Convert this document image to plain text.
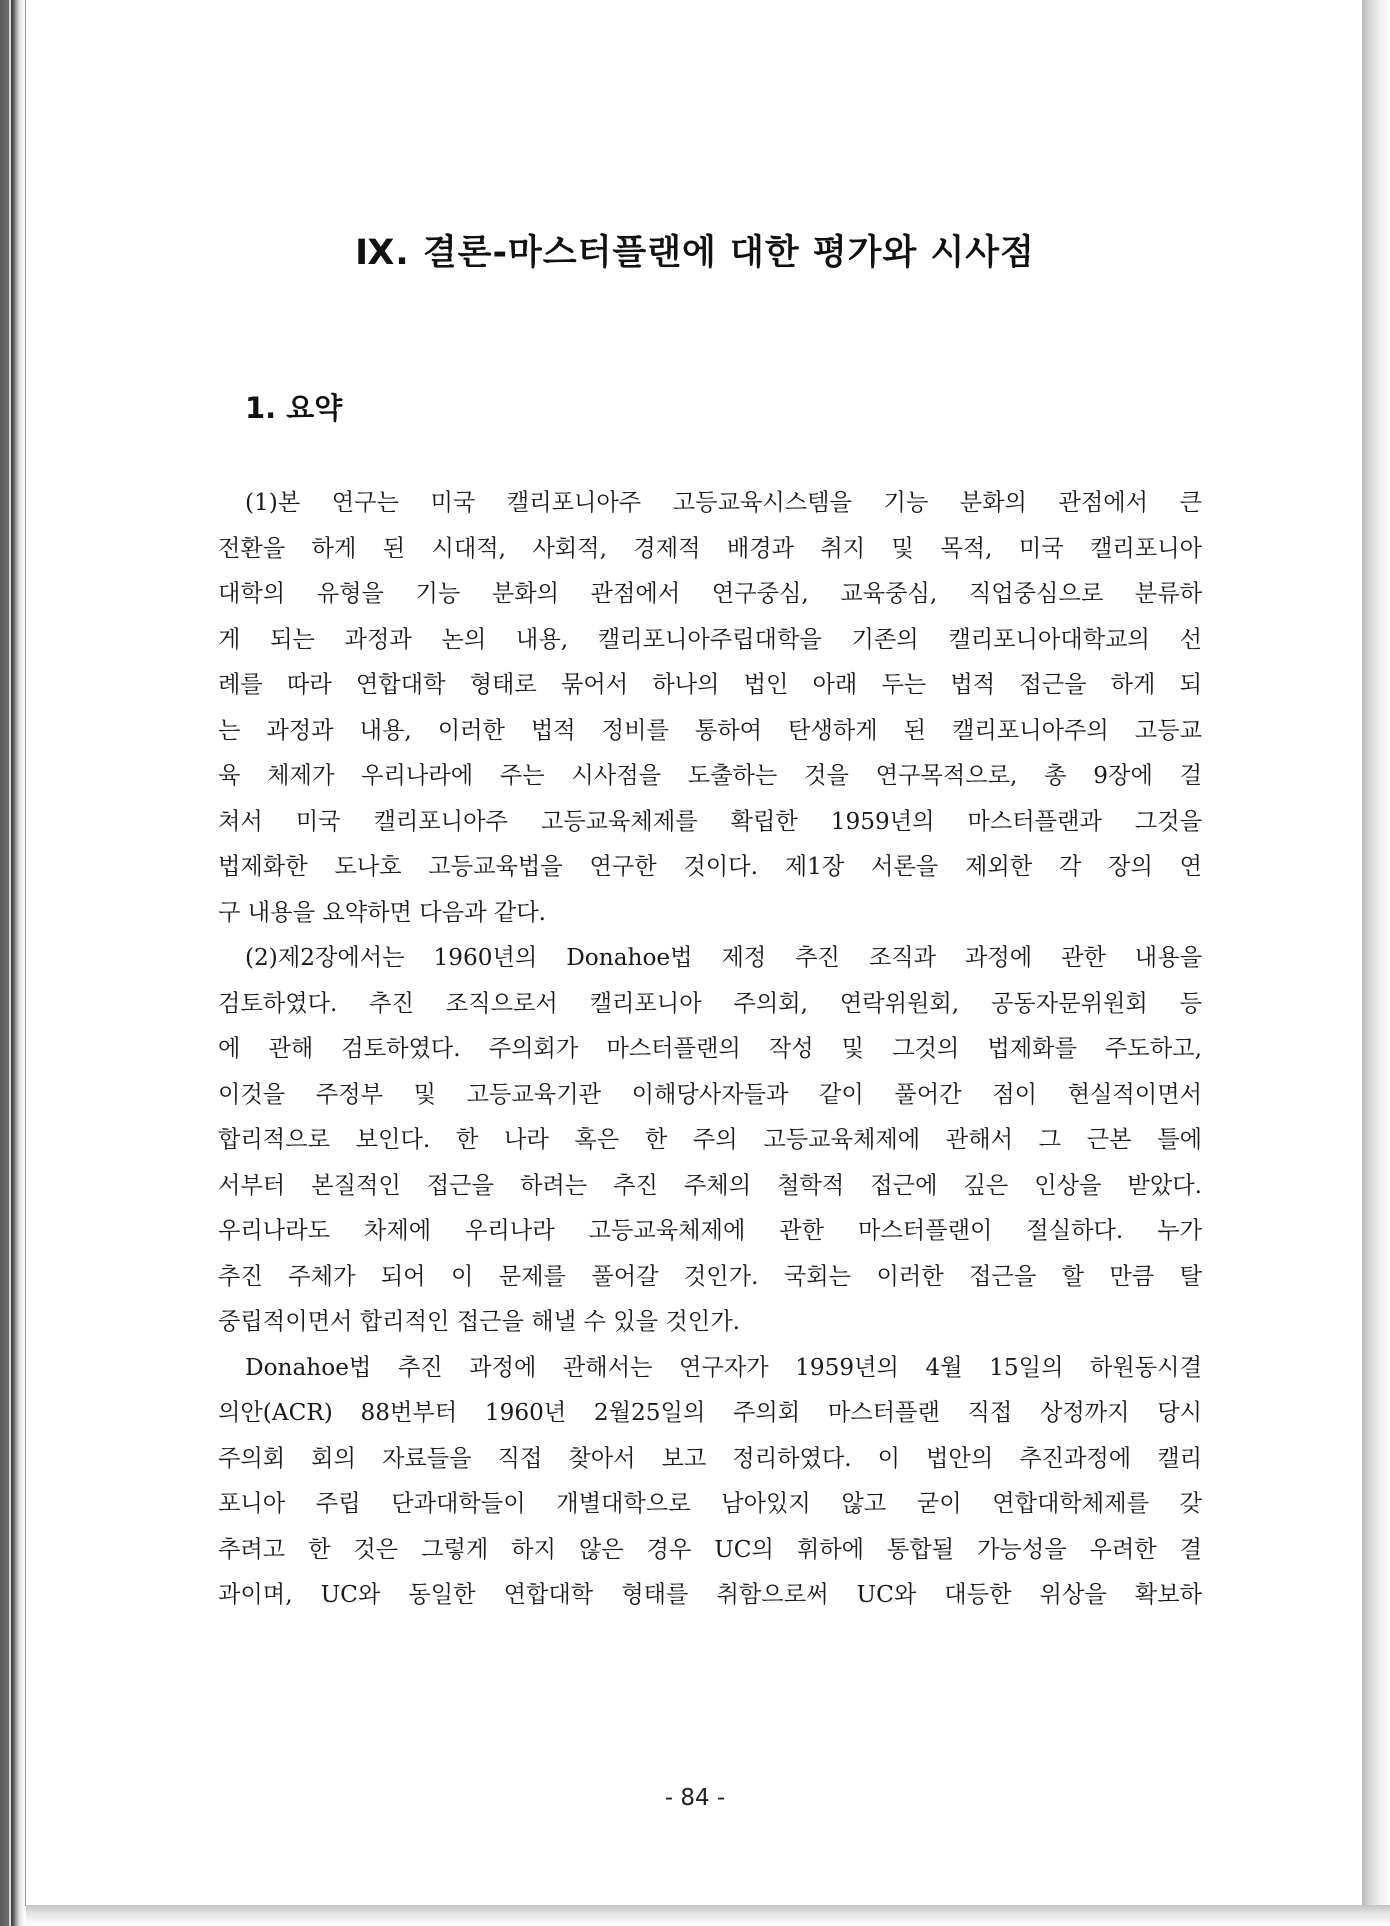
Ⅸ. 결론-마스터플랜에 대한 평가와 시사점
1. 요약
(1)본 연구는 미국 캘리포니아주 고등교육시스템을 기능 분화의 관점에서 큰
전환을 하게 된 시대적, 사회적, 경제적 배경과 취지 및 목적, 미국 캘리포니아
대학의 유형을 기능 분화의 관점에서 연구중심, 교육중심, 직업중심으로 분류하
게 되는 과정과 논의 내용, 캘리포니아주립대학을 기존의 캘리포니아대학교의 선
례를 따라 연합대학 형태로 묶어서 하나의 법인 아래 두는 법적 접근을 하게 되
는 과정과 내용, 이러한 법적 정비를 통하여 탄생하게 된 캘리포니아주의 고등교
육 체제가 우리나라에 주는 시사점을 도출하는 것을 연구목적으로, 총 9장에 걸
쳐서 미국 캘리포니아주 고등교육체제를 확립한 1959년의 마스터플랜과 그것을
법제화한 도나호 고등교육법을 연구한 것이다. 제1장 서론을 제외한 각 장의 연
구 내용을 요약하면 다음과 같다.
(2)제2장에서는 1960년의 Donahoe법 제정 추진 조직과 과정에 관한 내용을
검토하였다. 추진 조직으로서 캘리포니아 주의회, 연락위원회, 공동자문위원회 등
에 관해 검토하였다. 주의회가 마스터플랜의 작성 및 그것의 법제화를 주도하고,
이것을 주정부 및 고등교육기관 이해당사자들과 같이 풀어간 점이 현실적이면서
합리적으로 보인다. 한 나라 혹은 한 주의 고등교육체제에 관해서 그 근본 틀에
서부터 본질적인 접근을 하려는 추진 주체의 철학적 접근에 깊은 인상을 받았다.
우리나라도 차제에 우리나라 고등교육체제에 관한 마스터플랜이 절실하다. 누가
추진 주체가 되어 이 문제를 풀어갈 것인가. 국회는 이러한 접근을 할 만큼 탈
중립적이면서 합리적인 접근을 해낼 수 있을 것인가.
Donahoe법 추진 과정에 관해서는 연구자가 1959년의 4월 15일의 하원동시결
의안(ACR) 88번부터 1960년 2월25일의 주의회 마스터플랜 직접 상정까지 당시
주의회 회의 자료들을 직접 찾아서 보고 정리하였다. 이 법안의 추진과정에 캘리
포니아 주립 단과대학들이 개별대학으로 남아있지 않고 굳이 연합대학체제를 갖
추려고 한 것은 그렇게 하지 않은 경우 UC의 휘하에 통합될 가능성을 우려한 결
과이며, UC와 동일한 연합대학 형태를 취함으로써 UC와 대등한 위상을 확보하
- 84 -
